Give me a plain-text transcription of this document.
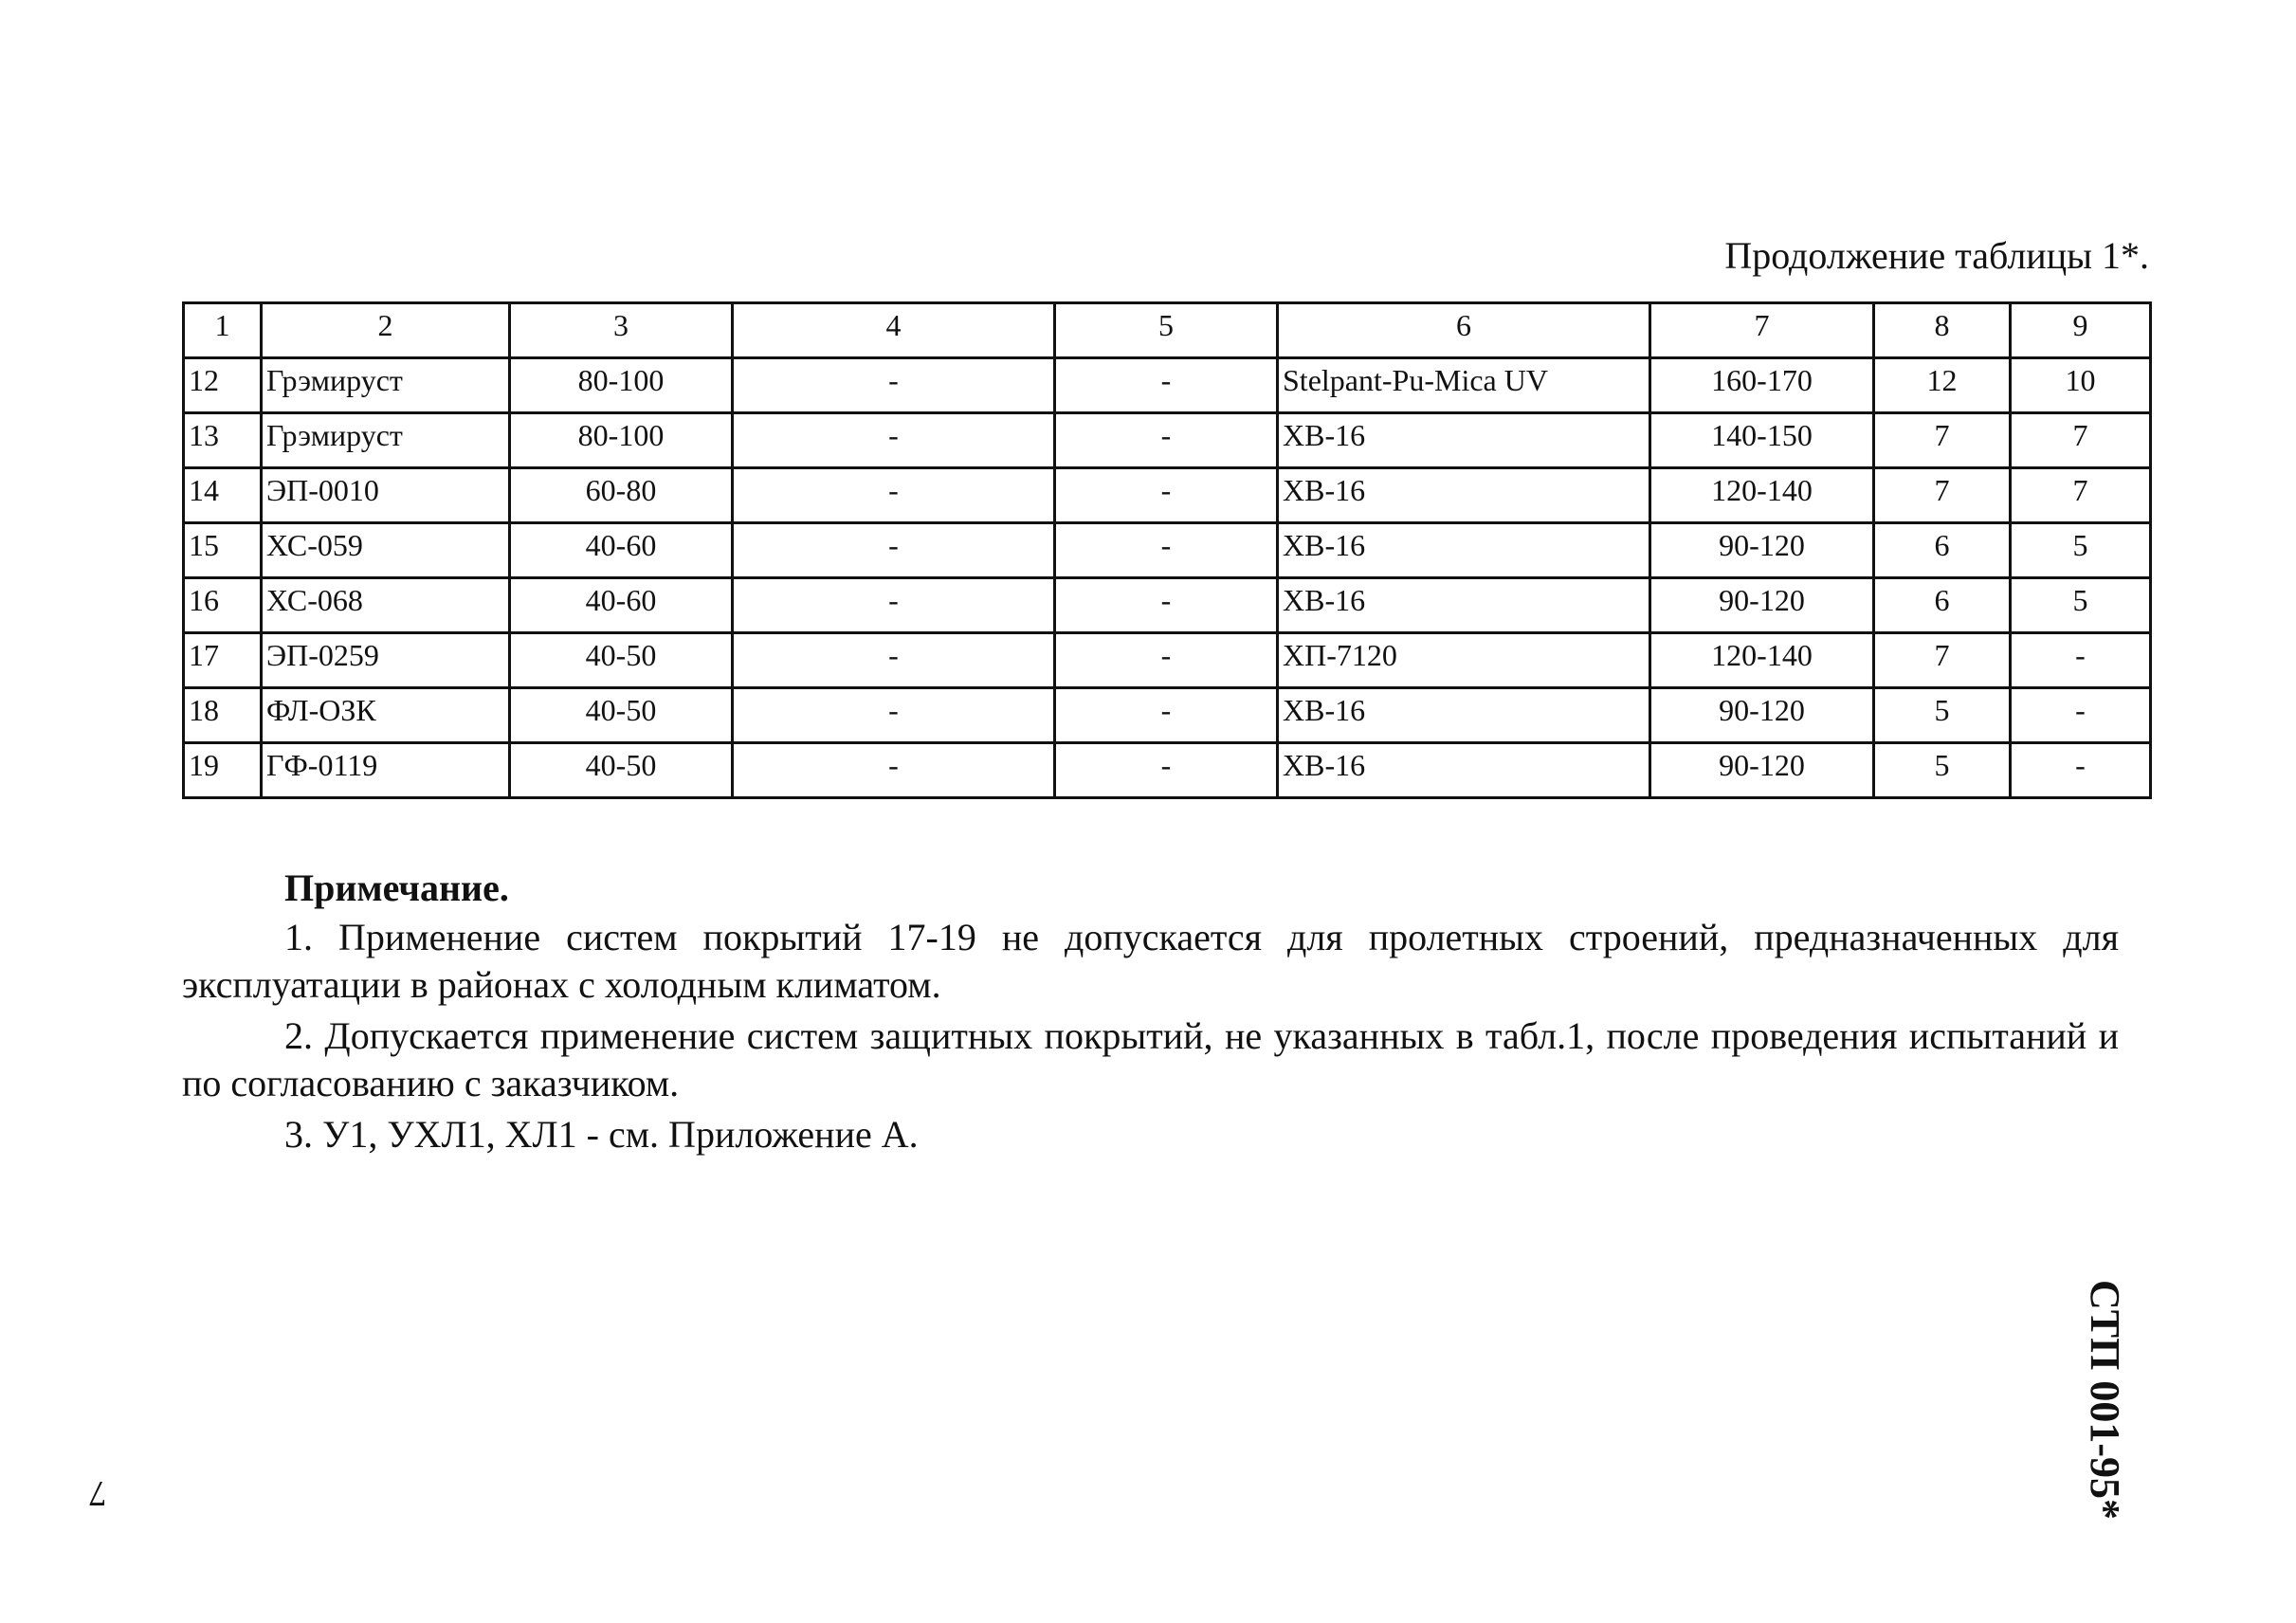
Продолжение таблицы 1*.
1	2	3	4	5	6	7	8	9
12	Грэмируст	80-100	-	-	Stelpant-Pu-Mica UV	160-170	12	10
13	Грэмируст	80-100	-	-	ХВ-16	140-150	7	7
14	ЭП-0010	60-80	-	-	ХВ-16	120-140	7	7
15	ХС-059	40-60	-	-	ХВ-16	90-120	6	5
16	ХС-068	40-60	-	-	ХВ-16	90-120	6	5
17	ЭП-0259	40-50	-	-	ХП-7120	120-140	7	-
18	ФЛ-ОЗК	40-50	-	-	ХВ-16	90-120	5	-
19	ГФ-0119	40-50	-	-	ХВ-16	90-120	5	-
Примечание.

1. Применение систем покрытий 17-19 не допускается для пролетных строений, предназначенных для эксплуатации в районах с холодным климатом.

2. Допускается применение систем защитных покрытий, не указанных в табл.1, после проведения испытаний и по согласованию с заказчиком.

3. У1, УХЛ1, ХЛ1 - см. Приложение А.

СТП 001-95*
7
